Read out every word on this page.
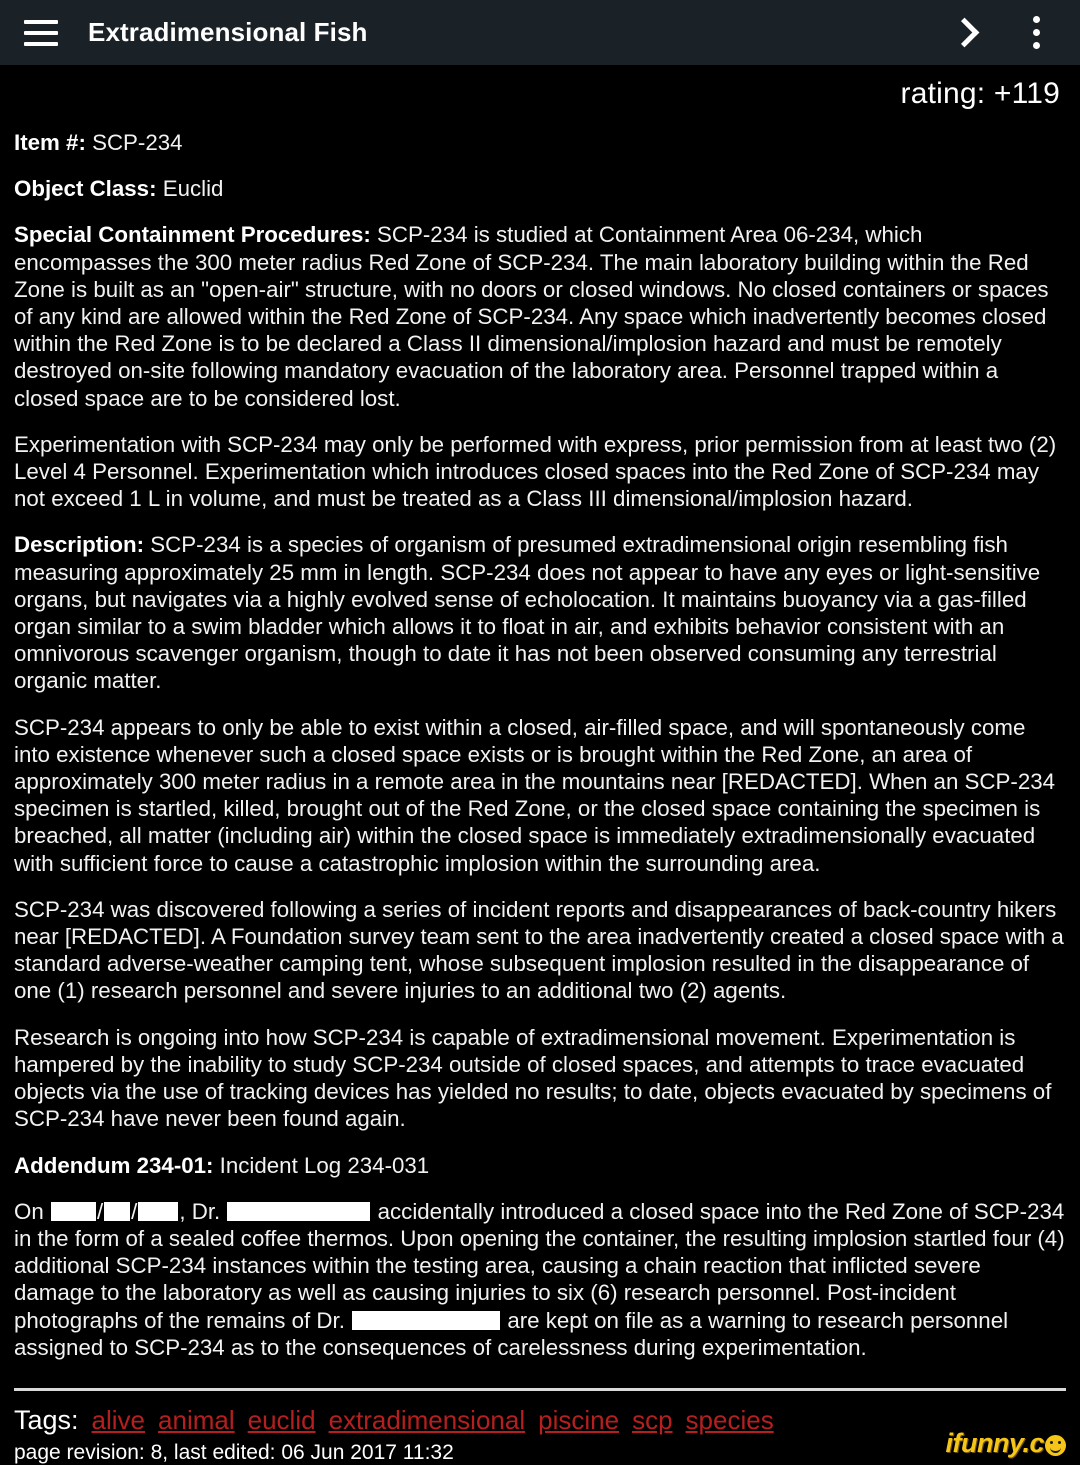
Extradimensional Fish
rating: +119

Item #: SCP-234

Object Class: Euclid

Special Containment Procedures: SCP-234 is studied at Containment Area 06-234, which encompasses the 300 meter radius Red Zone of SCP-234. The main laboratory building within the Red Zone is built as an "open-air" structure, with no doors or closed windows. No closed containers or spaces of any kind are allowed within the Red Zone of SCP-234. Any space which inadvertently becomes closed within the Red Zone is to be declared a Class II dimensional/implosion hazard and must be remotely destroyed on-site following mandatory evacuation of the laboratory area. Personnel trapped within a closed space are to be considered lost.

Experimentation with SCP-234 may only be performed with express, prior permission from at least two (2) Level 4 Personnel. Experimentation which introduces closed spaces into the Red Zone of SCP-234 may not exceed 1 L in volume, and must be treated as a Class III dimensional/implosion hazard.

Description: SCP-234 is a species of organism of presumed extradimensional origin resembling fish measuring approximately 25 mm in length. SCP-234 does not appear to have any eyes or light-sensitive organs, but navigates via a highly evolved sense of echolocation. It maintains buoyancy via a gas-filled organ similar to a swim bladder which allows it to float in air, and exhibits behavior consistent with an omnivorous scavenger organism, though to date it has not been observed consuming any terrestrial organic matter.

SCP-234 appears to only be able to exist within a closed, air-filled space, and will spontaneously come into existence whenever such a closed space exists or is brought within the Red Zone, an area of approximately 300 meter radius in a remote area in the mountains near [REDACTED]. When an SCP-234 specimen is startled, killed, brought out of the Red Zone, or the closed space containing the specimen is breached, all matter (including air) within the closed space is immediately extradimensionally evacuated with sufficient force to cause a catastrophic implosion within the surrounding area.

SCP-234 was discovered following a series of incident reports and disappearances of back-country hikers near [REDACTED]. A Foundation survey team sent to the area inadvertently created a closed space with a standard adverse-weather camping tent, whose subsequent implosion resulted in the disappearance of one (1) research personnel and severe injuries to an additional two (2) agents.

Research is ongoing into how SCP-234 is capable of extradimensional movement. Experimentation is hampered by the inability to study SCP-234 outside of closed spaces, and attempts to trace evacuated objects via the use of tracking devices has yielded no results; to date, objects evacuated by specimens of SCP-234 have never been found again.

Addendum 234-01: Incident Log 234-031

On / / , Dr.	accidentally introduced a closed space into the Red Zone of SCP-234 in the form of a sealed coffee thermos. Upon opening the container, the resulting implosion startled four (4) additional SCP-234 instances within the testing area, causing a chain reaction that inflicted severe damage to the laboratory as well as causing injuries to six (6) research personnel. Post-incident photographs of the remains of Dr.	are kept on file as a warning to research personnel assigned to SCP-234 as to the consequences of carelessness during experimentation.

Tags: alive animal euclid extradimensional piscine scp species
page revision: 8, last edited: 06 Jun 2017 11:32	ifunny.c
